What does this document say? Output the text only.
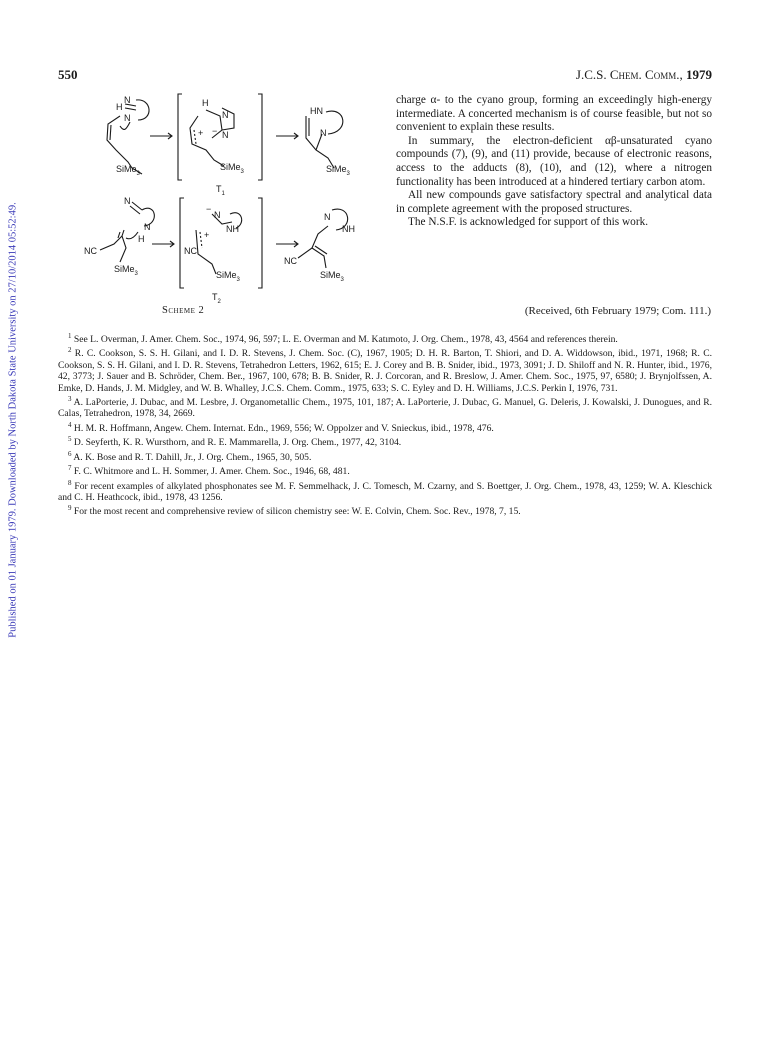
Published on 01 January 1979. Downloaded by North Dakota State University on 27/10/2014 05:52:49.
550	J.C.S. Chem. Comm., 1979
H
N
N
SiMe$_3$
H
N
N
+ −
SiMe$_3$
$T_1$
HN
N
SiMe$_3$
N
N
H
NC
SiMe$_3$
−
N
NH
+
NC
SiMe$_3$
$T_2$
N
NH
NC
SiMe$_3$
Scheme 2

charge α- to the cyano group, forming an exceedingly high-energy intermediate. A concerted mechanism is of course feasible, but not so convenient to explain these results.

In summary, the electron-deficient αβ-unsaturated cyano compounds (7), (9), and (11) provide, because of electronic reasons, access to the adducts (8), (10), and (12), where a nitrogen functionality has been introduced at a hindered tertiary carbon atom.

All new compounds gave satisfactory spectral and analytical data in complete agreement with the proposed structures.

The N.S.F. is acknowledged for support of this work.

(Received, 6th February 1979; Com. 111.)

$^1$ See L. Overman, J. Amer. Chem. Soc., 1974, 96, 597; L. E. Overman and M. Katımoto, J. Org. Chem., 1978, 43, 4564 and references therein.

$^2$ R. C. Cookson, S. S. H. Gilani, and I. D. R. Stevens, J. Chem. Soc. (C), 1967, 1905; D. H. R. Barton, T. Shiori, and D. A. Widdowson, ibid., 1971, 1968; R. C. Cookson, S. S. H. Gilani, and I. D. R. Stevens, Tetrahedron Letters, 1962, 615; E. J. Corey and B. B. Snider, ibid., 1973, 3091; J. D. Shiloff and N. R. Hunter, ibid., 1976, 42, 3773; J. Sauer and B. Schröder, Chem. Ber., 1967, 100, 678; B. B. Snider, R. J. Corcoran, and R. Breslow, J. Amer. Chem. Soc., 1975, 97, 6580; J. Brynjolfssen, A. Emke, D. Hands, J. M. Midgley, and W. B. Whalley, J.C.S. Chem. Comm., 1975, 633; S. C. Eyley and D. H. Williams, J.C.S. Perkin I, 1976, 731.

$^3$ A. LaPorterie, J. Dubac, and M. Lesbre, J. Organometallic Chem., 1975, 101, 187; A. LaPorterie, J. Dubac, G. Manuel, G. Deleris, J. Kowalski, J. Dunogues, and R. Calas, Tetrahedron, 1978, 34, 2669.

$^4$ H. M. R. Hoffmann, Angew. Chem. Internat. Edn., 1969, 556; W. Oppolzer and V. Snieckus, ibid., 1978, 476.

$^5$ D. Seyferth, K. R. Wursthorn, and R. E. Mammarella, J. Org. Chem., 1977, 42, 3104.

$^6$ A. K. Bose and R. T. Dahill, Jr., J. Org. Chem., 1965, 30, 505.

$^7$ F. C. Whitmore and L. H. Sommer, J. Amer. Chem. Soc., 1946, 68, 481.

$^8$ For recent examples of alkylated phosphonates see M. F. Semmelhack, J. C. Tomesch, M. Czarny, and S. Boettger, J. Org. Chem., 1978, 43, 1259; W. A. Kleschick and C. H. Heathcock, ibid., 1978, 43 1256.

$^9$ For the most recent and comprehensive review of silicon chemistry see: W. E. Colvin, Chem. Soc. Rev., 1978, 7, 15.
